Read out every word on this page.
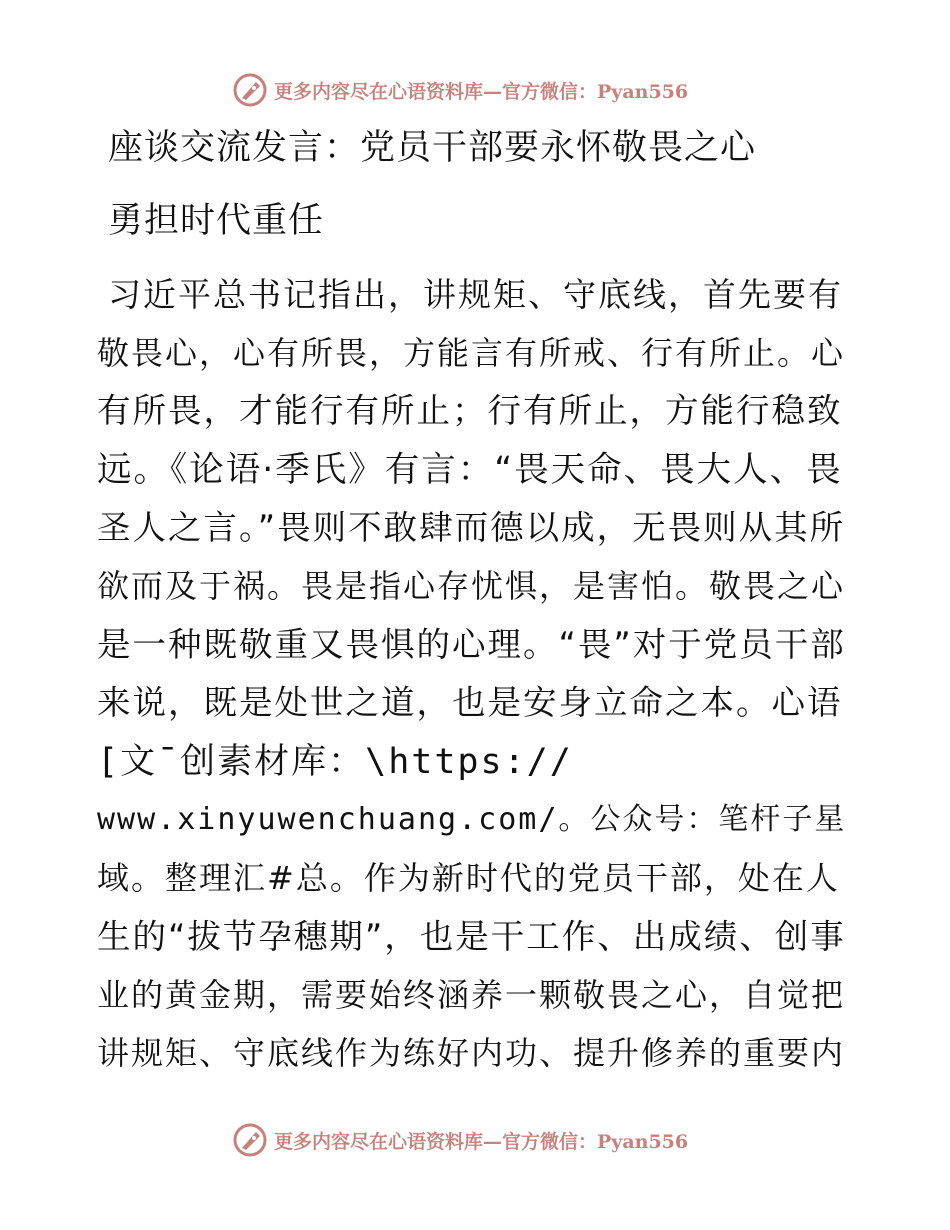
更多内容尽在心语资料库—官方微信：Pyan556
座谈交流发言：党员干部要永怀敬畏之心
勇担时代重任
习近平总书记指出，讲规矩、守底线，首先要有
敬畏心，心有所畏，方能言有所戒、行有所止。心
有所畏，才能行有所止；行有所止，方能行稳致
远。《论语·季氏》有言：“畏天命、畏大人、畏
圣人之言。”畏则不敢肆而德以成，无畏则从其所
欲而及于祸。畏是指心存忧惧，是害怕。敬畏之心
是一种既敬重又畏惧的心理。“畏”对于党员干部
来说，既是处世之道，也是安身立命之本。心语
[文¯创素材库：\https://
www.xinyuwenchuang.com/。公众号：笔杆子星
域。整理汇#总。作为新时代的党员干部，处在人
生的“拔节孕穗期”，也是干工作、出成绩、创事
业的黄金期，需要始终涵养一颗敬畏之心，自觉把
讲规矩、守底线作为练好内功、提升修养的重要内
更多内容尽在心语资料库—官方微信：Pyan556
